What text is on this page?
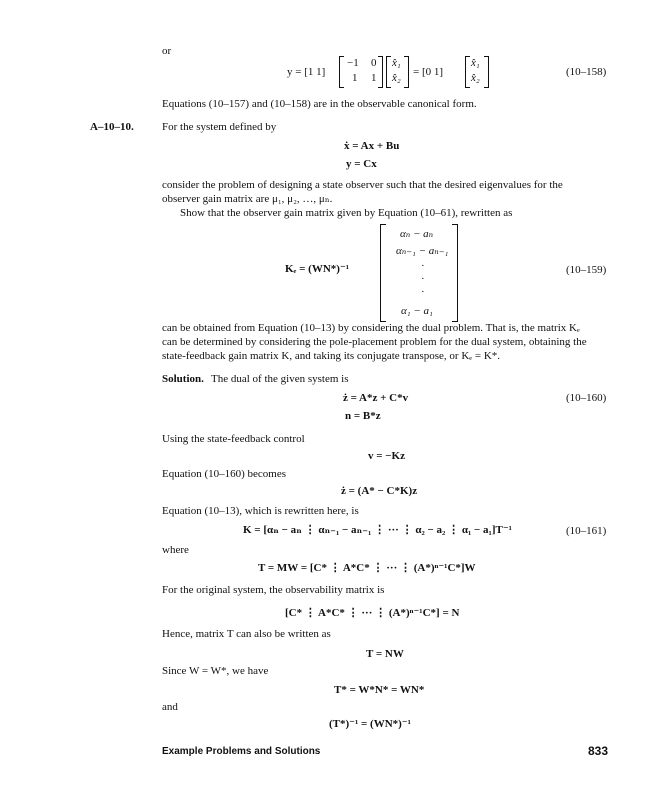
or
y = [1 1]
−1 0
1 1
x̂₁
x̂₂ = [0 1]
x̂₁
x̂₂	(10–158)
Equations (10–157) and (10–158) are in the observable canonical form.
A–10–10.	For the system defined by
ẋ = Ax + Bu
y = Cx
consider the problem of designing a state observer such that the desired eigenvalues for the
observer gain matrix are μ₁, μ₂, …, μₙ.
Show that the observer gain matrix given by Equation (10–61), rewritten as
Kₑ = (WN*)⁻¹
αₙ − aₙ
αₙ₋₁ − aₙ₋₁
·
·
·
α₁ − a₁
(10–159)
can be obtained from Equation (10–13) by considering the dual problem. That is, the matrix Kₑ
can be determined by considering the pole-placement problem for the dual system, obtaining the
state-feedback gain matrix K, and taking its conjugate transpose, or Kₑ = K*.
Solution. The dual of the given system is
ż = A*z + C*v	(10–160)
n = B*z
Using the state-feedback control
v = −Kz
Equation (10–160) becomes
ż = (A* − C*K)z
Equation (10–13), which is rewritten here, is
K = [αₙ − aₙ ⋮ αₙ₋₁ − aₙ₋₁ ⋮ ··· ⋮ α₂ − a₂ ⋮ α₁ − a₁]T⁻¹	(10–161)
where
T = MW = [C* ⋮ A*C* ⋮ ··· ⋮ (A*)ⁿ⁻¹C*]W
For the original system, the observability matrix is
[C* ⋮ A*C* ⋮ ··· ⋮ (A*)ⁿ⁻¹C*] = N
Hence, matrix T can also be written as
T = NW
Since W = W*, we have
T* = W*N* = WN*
and
(T*)⁻¹ = (WN*)⁻¹
Example Problems and Solutions	833
